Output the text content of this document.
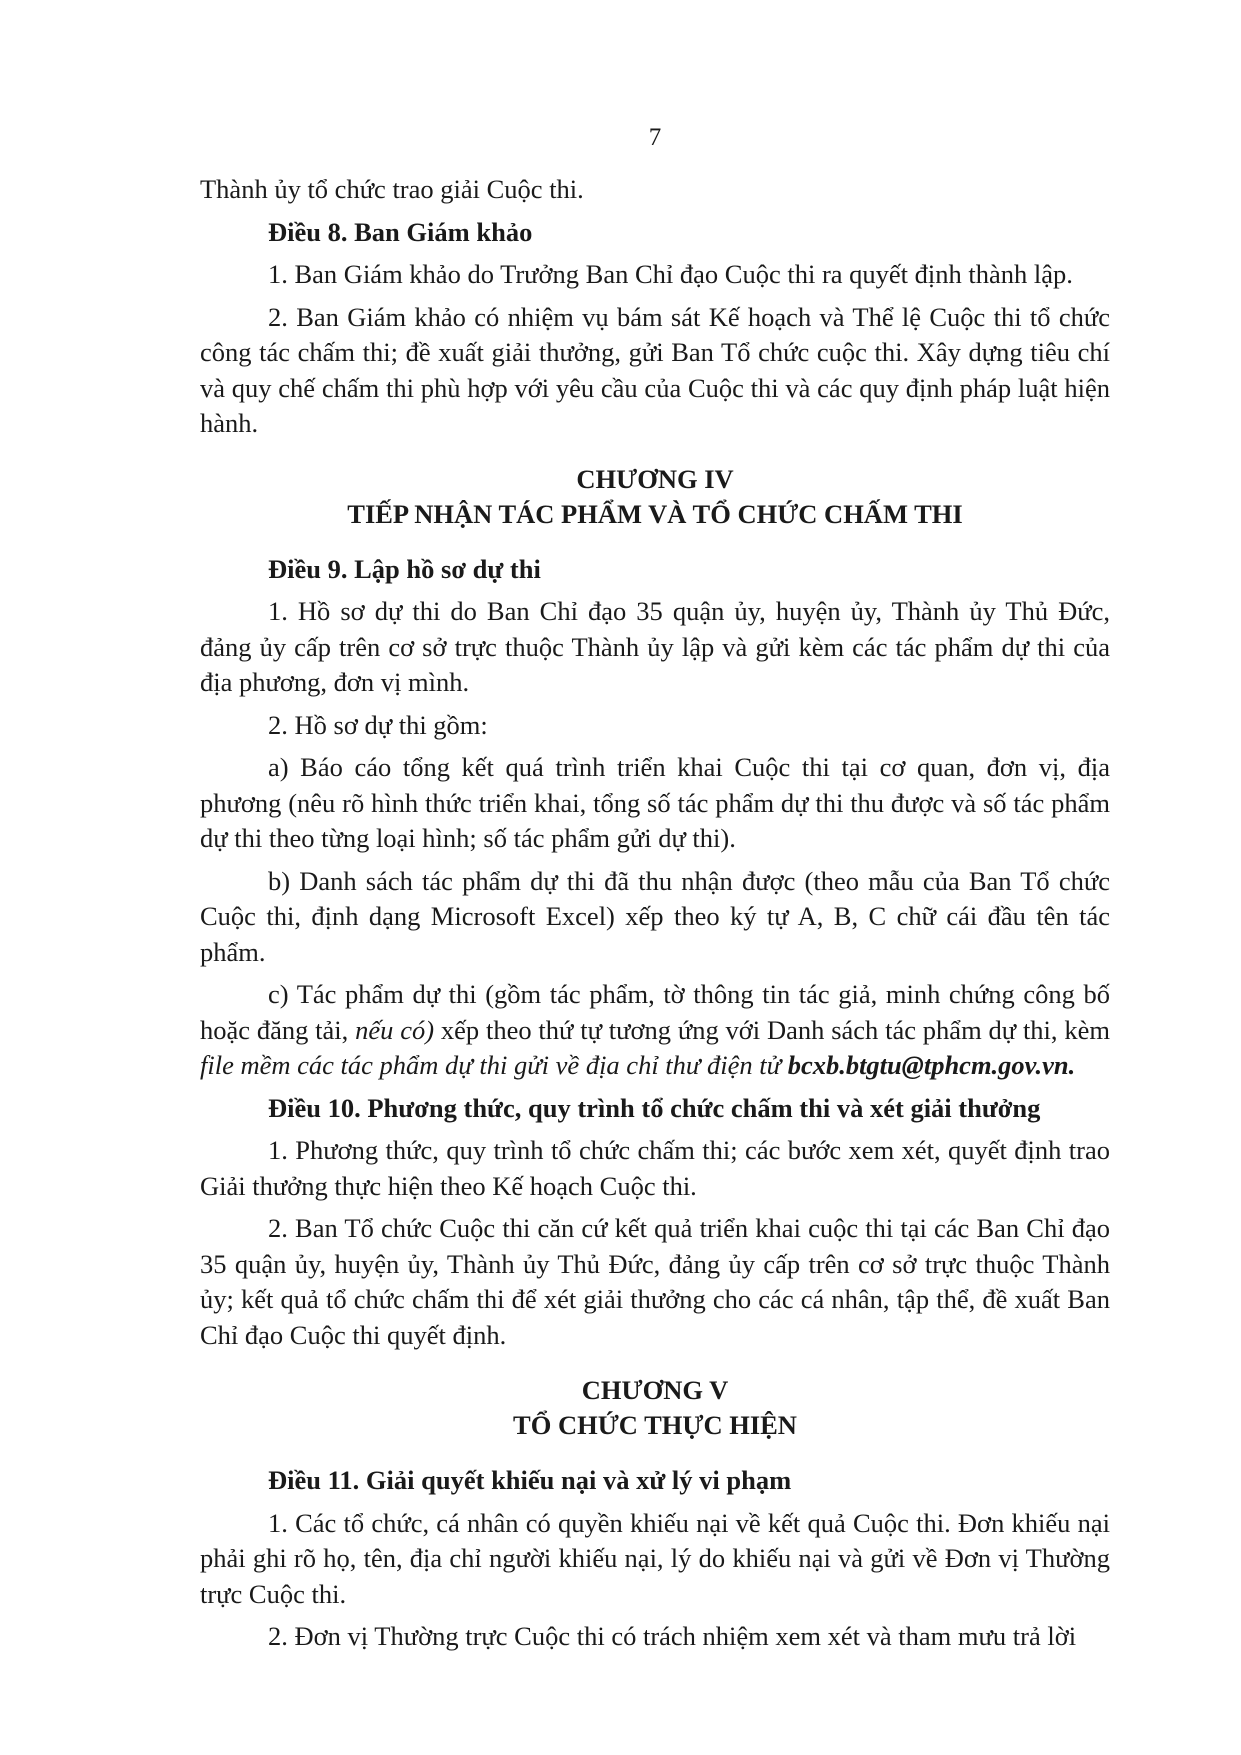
7

Thành ủy tổ chức trao giải Cuộc thi.

Điều 8. Ban Giám khảo

1. Ban Giám khảo do Trưởng Ban Chỉ đạo Cuộc thi ra quyết định thành lập.

2. Ban Giám khảo có nhiệm vụ bám sát Kế hoạch và Thể lệ Cuộc thi tổ chức công tác chấm thi; đề xuất giải thưởng, gửi Ban Tổ chức cuộc thi. Xây dựng tiêu chí và quy chế chấm thi phù hợp với yêu cầu của Cuộc thi và các quy định pháp luật hiện hành.

CHƯƠNG IV
TIẾP NHẬN TÁC PHẨM VÀ TỔ CHỨC CHẤM THI

Điều 9. Lập hồ sơ dự thi

1. Hồ sơ dự thi do Ban Chỉ đạo 35 quận ủy, huyện ủy, Thành ủy Thủ Đức, đảng ủy cấp trên cơ sở trực thuộc Thành ủy lập và gửi kèm các tác phẩm dự thi của địa phương, đơn vị mình.

2. Hồ sơ dự thi gồm:

a) Báo cáo tổng kết quá trình triển khai Cuộc thi tại cơ quan, đơn vị, địa phương (nêu rõ hình thức triển khai, tổng số tác phẩm dự thi thu được và số tác phẩm dự thi theo từng loại hình; số tác phẩm gửi dự thi).

b) Danh sách tác phẩm dự thi đã thu nhận được (theo mẫu của Ban Tổ chức Cuộc thi, định dạng Microsoft Excel) xếp theo ký tự A, B, C chữ cái đầu tên tác phẩm.

c) Tác phẩm dự thi (gồm tác phẩm, tờ thông tin tác giả, minh chứng công bố hoặc đăng tải, nếu có) xếp theo thứ tự tương ứng với Danh sách tác phẩm dự thi, kèm file mềm các tác phẩm dự thi gửi về địa chỉ thư điện tử bcxb.btgtu@tphcm.gov.vn.

Điều 10. Phương thức, quy trình tổ chức chấm thi và xét giải thưởng

1. Phương thức, quy trình tổ chức chấm thi; các bước xem xét, quyết định trao Giải thưởng thực hiện theo Kế hoạch Cuộc thi.

2. Ban Tổ chức Cuộc thi căn cứ kết quả triển khai cuộc thi tại các Ban Chỉ đạo 35 quận ủy, huyện ủy, Thành ủy Thủ Đức, đảng ủy cấp trên cơ sở trực thuộc Thành ủy; kết quả tổ chức chấm thi để xét giải thưởng cho các cá nhân, tập thể, đề xuất Ban Chỉ đạo Cuộc thi quyết định.

CHƯƠNG V
TỔ CHỨC THỰC HIỆN

Điều 11. Giải quyết khiếu nại và xử lý vi phạm

1. Các tổ chức, cá nhân có quyền khiếu nại về kết quả Cuộc thi. Đơn khiếu nại phải ghi rõ họ, tên, địa chỉ người khiếu nại, lý do khiếu nại và gửi về Đơn vị Thường trực Cuộc thi.

2. Đơn vị Thường trực Cuộc thi có trách nhiệm xem xét và tham mưu trả lời
